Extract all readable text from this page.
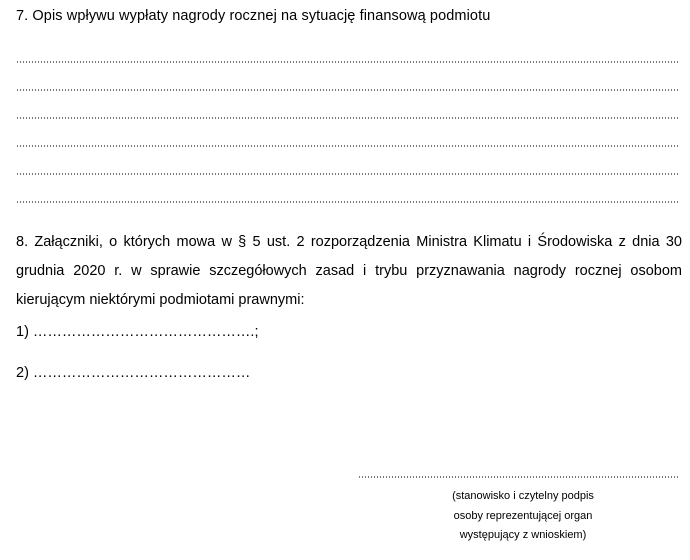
7. Opis wpływu wypłaty nagrody rocznej na sytuację finansową podmiotu
8. Załączniki, o których mowa w § 5 ust. 2 rozporządzenia Ministra Klimatu i Środowiska z dnia 30 grudnia 2020 r. w sprawie szczegółowych zasad i trybu przyznawania nagrody rocznej osobom kierującym niektórymi podmiotami prawnymi:
1) ……………………………………….;
2) ………………………………………
(stanowisko i czytelny podpis
osoby reprezentującej organ
występujący z wnioskiem)
